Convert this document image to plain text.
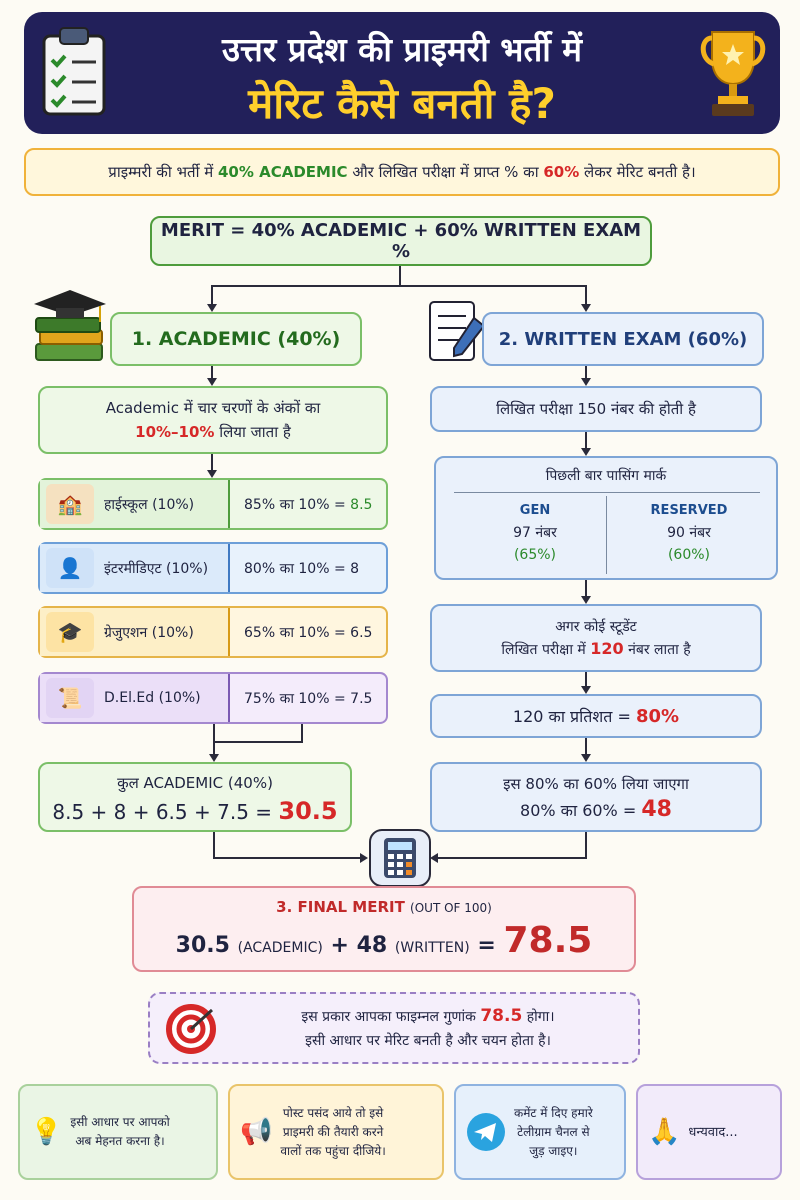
उत्तर प्रदेश की प्राइमरी भर्ती में
मेरिट कैसे बनती है?
प्राइम्मरी की भर्ती में 40% ACADEMIC और लिखित परीक्षा में प्राप्त % का 60% लेकर मेरिट बनती है।
MERIT = 40% ACADEMIC + 60% WRITTEN EXAM %
1. ACADEMIC (40%)	2. WRITTEN EXAM (60%)
Academic में चार चरणों के अंकों का
10%–10% लिया जाता है
लिखित परीक्षा 150 नंबर की होती है
🏫	हाईस्कूल (10%)	85% का 10% = 8.5
👤	इंटरमीडिएट (10%)	80% का 10% = 8
🎓	ग्रेजुएशन (10%)	65% का 10% = 6.5
📜	D.El.Ed (10%)	75% का 10% = 7.5
पिछली बार पासिंग मार्क
GEN
97 नंबर
(65%)
RESERVED
90 नंबर
(60%)
अगर कोई स्टूडेंट
लिखित परीक्षा में 120 नंबर लाता है
120 का प्रतिशत = 80%
इस 80% का 60% लिया जाएगा
80% का 60% = 48
कुल ACADEMIC (40%)
8.5 + 8 + 6.5 + 7.5 = 30.5
3. FINAL MERIT (OUT OF 100)
30.5 (ACADEMIC) + 48 (WRITTEN) = 78.5
इस प्रकार आपका फाइम्नल गुणांक 78.5 होगा।
इसी आधार पर मेरिट बनती है और चयन होता है।
💡 इसी आधार पर आपको
अब मेहनत करना है।	📢
पोस्ट पसंद आये तो इसे
प्राइमरी की तैयारी करने
वालों तक पहुंचा दीजिये।
कमेंट में दिए हमारे
टेलीग्राम चैनल से
जुड़ जाइए।
🙏 धन्यवाद...
